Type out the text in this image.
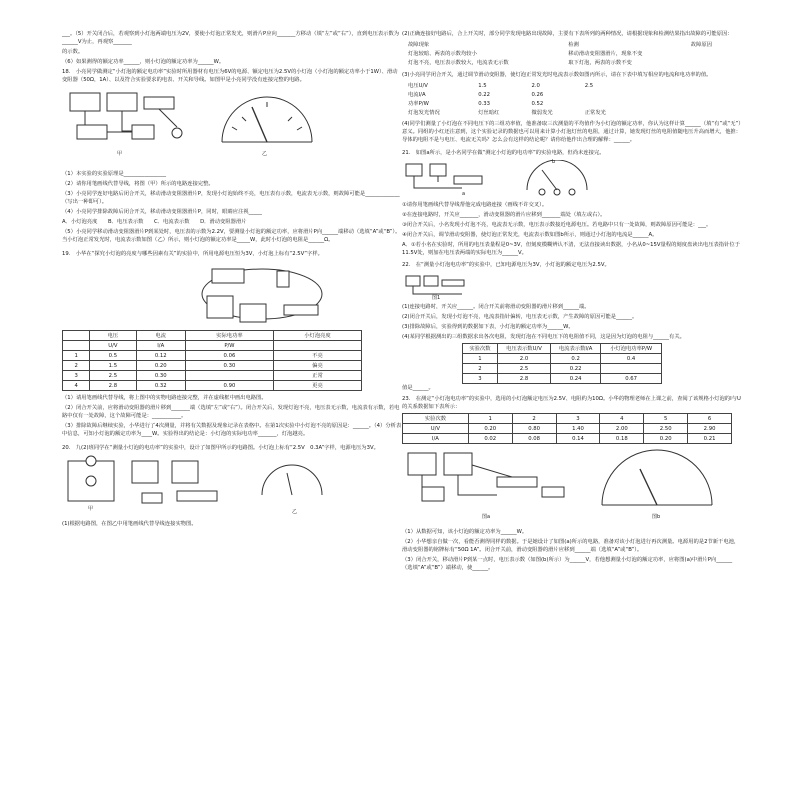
___。（5）开关闭合后，若观察到小灯泡两端电压为2V，要使小灯泡正常发光，则滑片P应向_______方移动（填“左”或“右”），直到电压表示数为______V为止，再观察_______

的示数。

（6）如果测得的额定功率______，则小灯泡的额定功率为______W。

18.　小亮同学做测定“小灯泡的额定电功率”实验时所用器材有电压为6V的电源、额定电压为2.5V的小灯泡（小灯泡的额定功率小于1W）、滑动变阻器（50Ω，1A）、以及符合实验要求的电表、开关和导线。如图甲是小亮同学没有连接完整的电路。

甲	乙

（1）本实验的实验原理是________________

（2）请你用笔画线代替导线，将图（甲）所示的电路连接完整。

（3）小亮同学连好电路后闭合开关，移动滑动变阻器滑片P，发现小灯泡始终不亮，电压表有示数，电流表无示数，则故障可能是_____________（写出一种即可）。

（4）小亮同学排除故障后闭合开关，移动滑动变阻器滑片P，同时，眼睛应注视_____

A．小灯泡亮度　　B．电压表示数　　C．电流表示数　　D．滑动变阻器滑片

（5）小亮同学移动滑动变阻器滑片P到某处时，电压表的示数为2.2V，要测量小灯泡的额定功率，应将滑片P向______端移动（选填“A”或“B”）。当小灯泡正常发光时，电流表示数如图（乙）所示，则小灯泡的额定功率是_____W，此时小灯泡的电阻是______Ω。

19.　小华在“探究小灯泡的亮度与哪些因素有关”的实验中，所用电源电压恒为3V，小灯泡上标有“2.5V”字样。

	电压	电流	实际电功率	小灯泡亮度
	U/V	I/A	P/W	
1	0.5	0.12	0.06	不亮
2	1.5	0.20	0.30	偏亮
3	2.5	0.30		正常
4	2.8	0.32	0.90	更亮

（1）请用笔画线代替导线，将上图中的实物电路连接完整，并在虚线框中画出电路图。

（2）闭合开关前，应将滑动变阻器的滑片移到_______端（选填“左”或“右”）。闭合开关后，发现灯泡不亮，电压表无示数，电流表有示数，若电路中仅有一处故障，这个故障可能是：___________。

（3）排除故障后继续实验，小华进行了4次测量，并将有关数据及现象记录在表格中。在第1次实验中小灯泡不亮的原因是：______。（4）分析表中信息，可知小灯泡的额定功率为____W。实验得出的结论是：小灯泡的实际电功率_______，灯泡越亮。

20.　九(2)班同学在“测量小灯泡的电功率”的实验中，设计了如图甲所示的电路图。小灯泡上标有“2.5V　0.3A”字样，电源电压为3V。

甲	乙

(1)根据电路图，在图乙中用笔画线代替导线连接实物图。

(2)正确连接好电路后，合上开关时，部分同学发现电路出现故障，主要有下表所列的两种情况，请根据现象和检测结果指出故障的可能原因：

故障现象	检测	故障原因
灯泡较暗、两表的示数均较小	移动滑动变阻器滑片，现象不变	
灯泡不亮，电压表示数较大，电流表无示数	取下灯泡，两表的示数不变	

(3)小亮同学闭合开关，通过调节滑动变阻器，使灯泡正常发光时电流表示数如图丙所示，请在下表中填写相应的电流和电功率的值。

电压U/V	1.5	2.0	2.5
电流I/A	0.22	0.26	
功率P/W	0.33	0.52	
灯泡发光情况	灯丝暗红	微弱发光	正常发光

(4)同学们测量了小灯泡在不同电压下的三组功率值，他准备取三次测量的平均值作为小灯泡的额定功率，你认为这样计算______（填“有”或“无”）意义。同组的小红还注意到，这个实验记录的数据也可以用来计算小灯泡灯丝的电阻，通过计算，她发现灯丝的电阻值随电压升高而增大，他推：导体的电阻不是与电压、电流无关吗？怎么会有这样的结论呢？请你给他作出合理的解释：______。

21.　如图a所示，是小名同学在做“测定小灯泡的电功率”的实验电路，但尚未连接完。

a
b

①请你用笔画线代替导线帮他完成电路连接（画线不许交叉）。

②在连接电路时，开关应_______，滑动变阻器的滑片应移到_______端处（填左或右）。

③闭合开关后，小名发现小灯泡不亮，电流表无示数，电压表示数接近电源电压。若电路中只有一处故障，则故障原因可能是：___。

④闭合开关后，调节滑动变阻器，使灯泡正常发光，电流表示数如图b所示，则通过小灯泡的电流是______A。

A．①若小名在实验时，所用的电压表量程是0~3V，但刻度模糊辨认不清，无法直接读出数据，小名从0~15V量程的刻度盘读出电压表指针位于11.5V处，则加在电压表两端的实际电压为______V。

22.　在“测量小灯泡电功率”的实验中，已知电源电压为3V，小灯泡的额定电压为2.5V。

图1

(1)连接电路时，开关应______。闭合开关前将滑动变阻器的滑片移到______端。

(2)闭合开关后，发现小灯泡不亮，电流表指针偏转，电压表无示数，产生故障的原因可能是______。

(3)排除故障后，实验得到的数据如下表，小灯泡的额定功率为______W。

(4)某同学根据测出的三组数据求出各次电阻，发现灯泡在不同电压下的电阻值不同，这是因为灯泡的电阻与______有关。

实验次数	电压表示数U/V	电流表示数I/A	小灯泡电功率P/W
1	2.0	0.2	0.4
2	2.5	0.22	
3	2.8	0.24	0.67

值是______。

23.　在测定“小灯泡电功率”的实验中，选用的小灯泡额定电压为2.5V、电阻约为10Ω。小华的物理老师在上课之前，查阅了该规格小灯泡的I与U的关系数据如下表所示：

实验次数	1	2	3	4	5	6
U/V	0.20	0.80	1.40	2.00	2.50	2.90
I/A	0.02	0.08	0.14	0.18	0.20	0.21
图a	图b

（1）从数据可知，该小灯泡的额定功率为______W。

（2）小华想亲自做一次，看能否测得同样的数据。于是她设计了如图(a)所示的电路，准备对该小灯泡进行再次测量。电源用的是2节新干电池，滑动变阻器的铭牌标有“50Ω 1A”。闭合开关前，滑动变阻器的滑片应移到______端（选填“A”或“B”）。

（3）闭合开关，移动滑片P到某一点时，电压表示数（如图(b)所示）为______V，若他想测量小灯泡的额定功率，应将图(a)中滑片P向______（选填“A”或“B”）端移动，使______。
